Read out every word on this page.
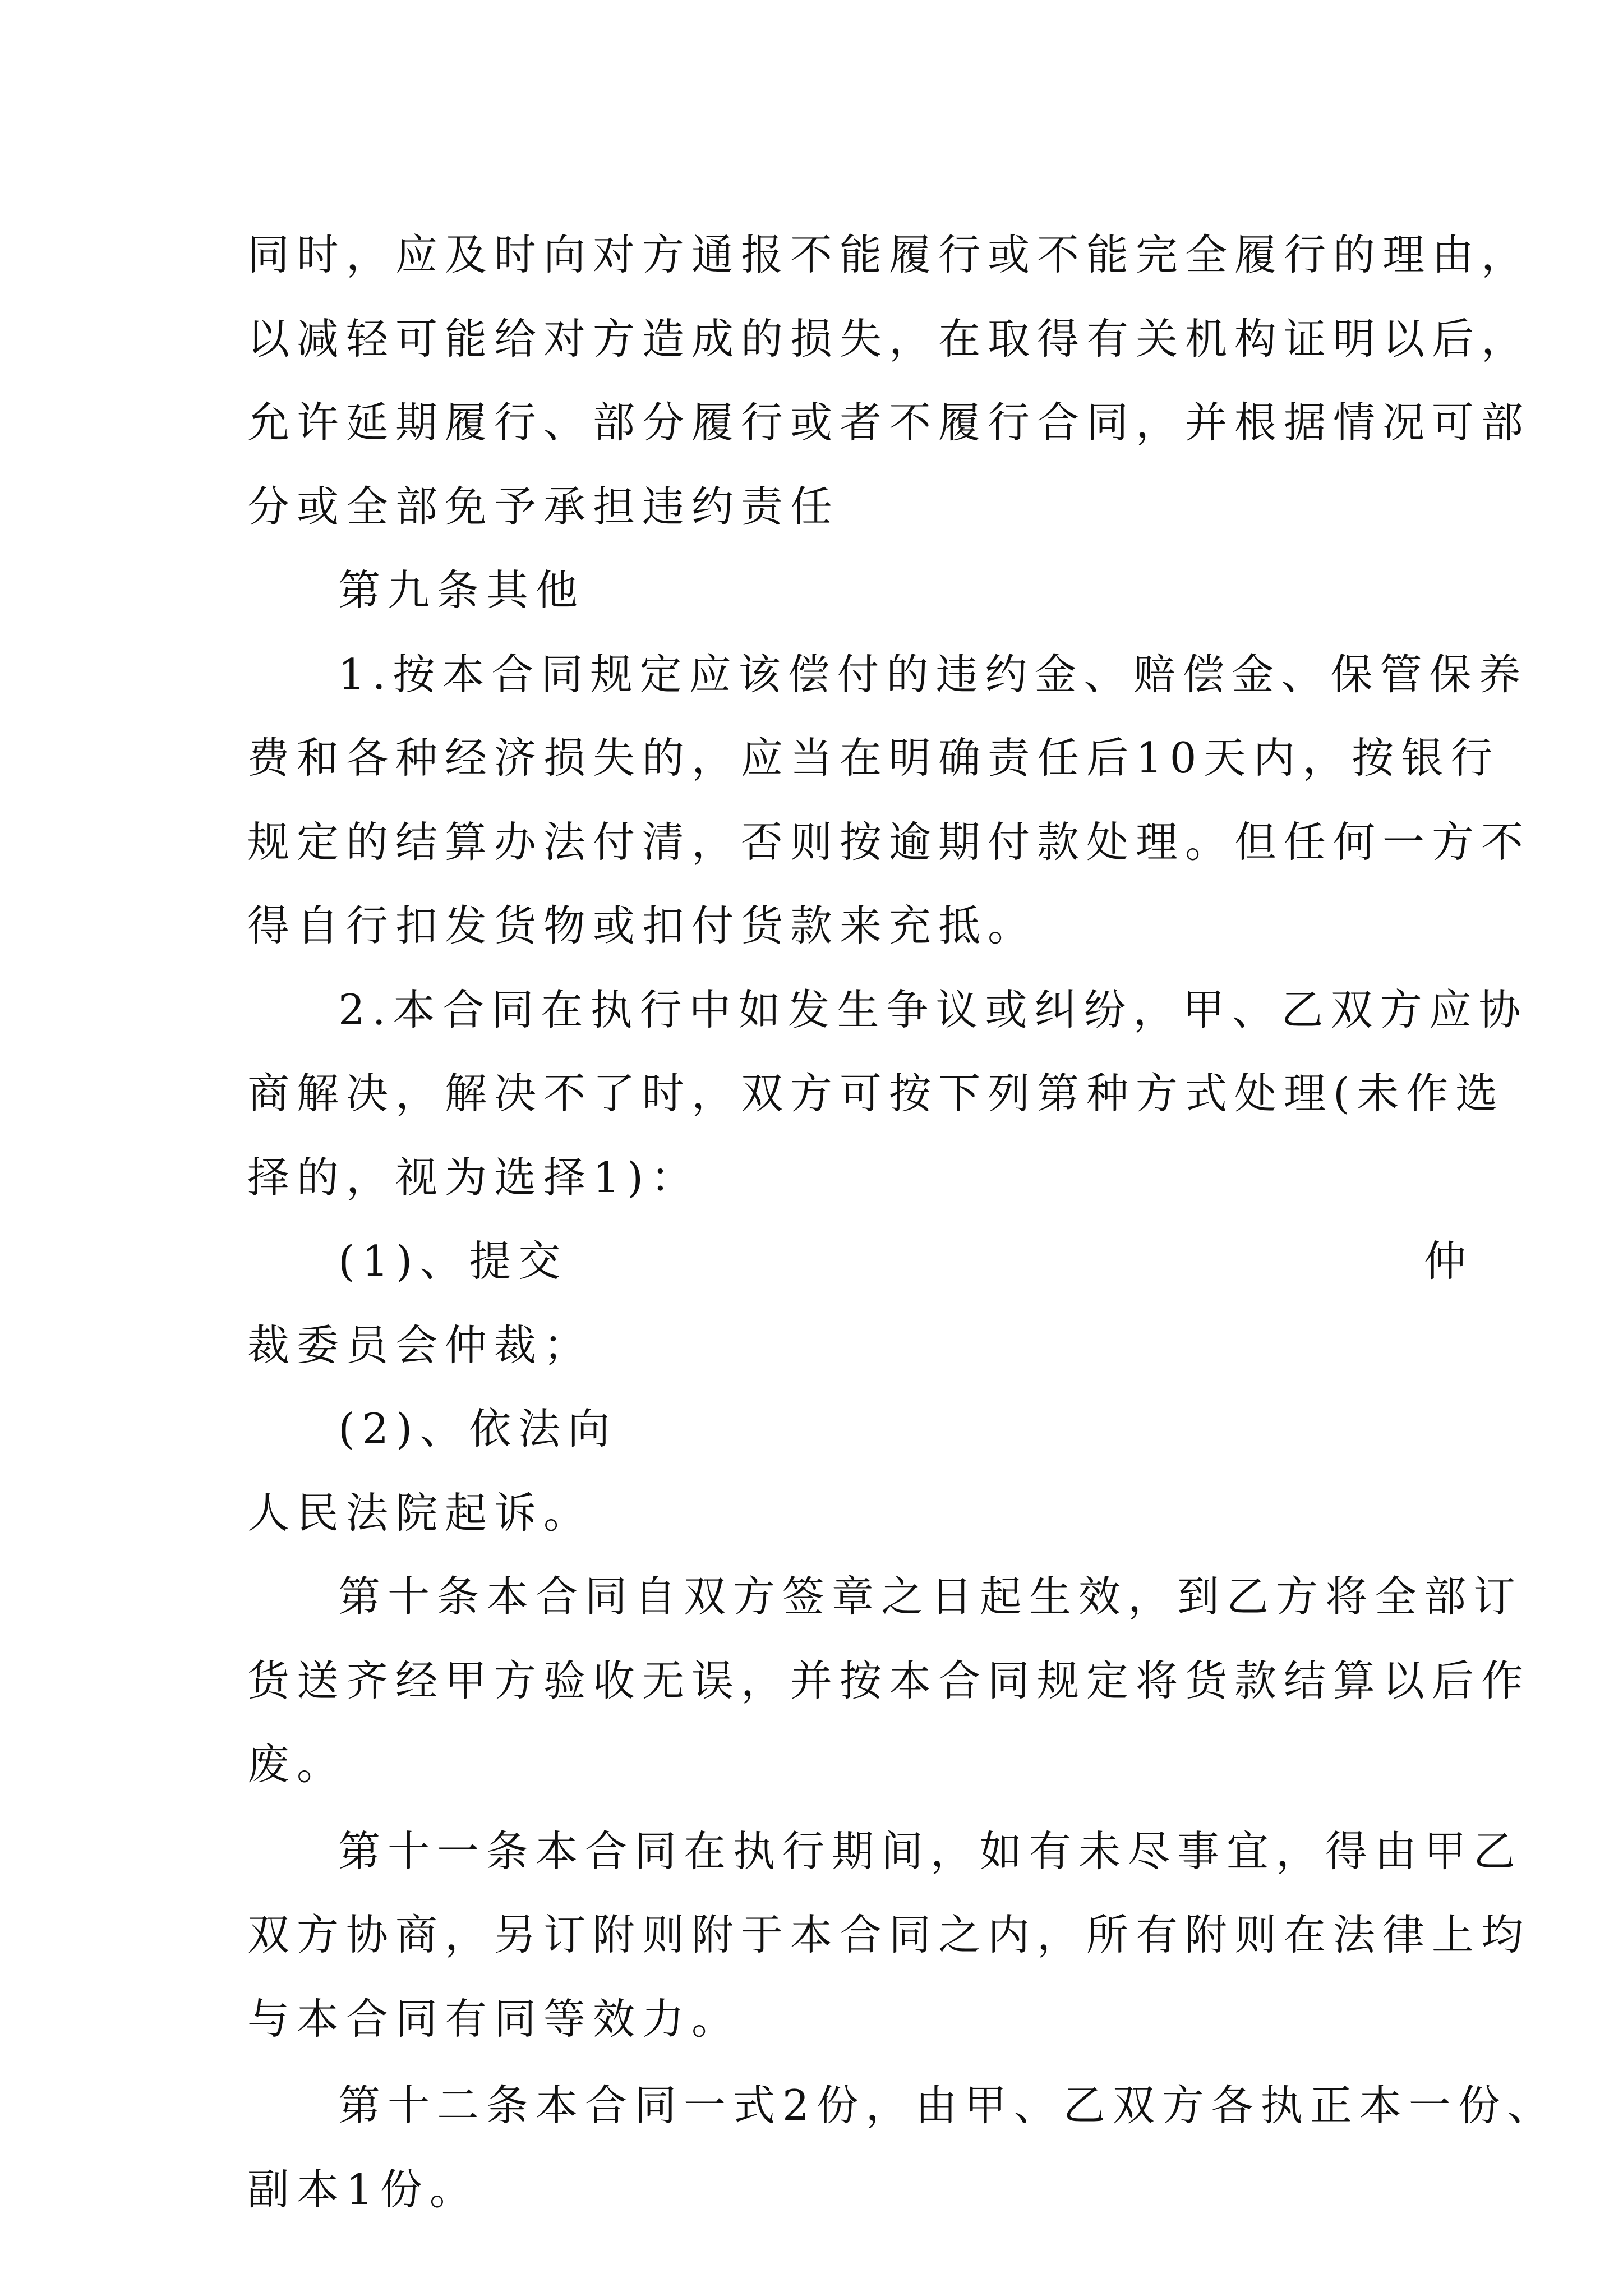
同时，应及时向对方通报不能履行或不能完全履行的理由，
以减轻可能给对方造成的损失，在取得有关机构证明以后，
允许延期履行、部分履行或者不履行合同，并根据情况可部
分或全部免予承担违约责任
第九条其他
1.按本合同规定应该偿付的违约金、赔偿金、保管保养
费和各种经济损失的，应当在明确责任后10天内，按银行
规定的结算办法付清，否则按逾期付款处理。但任何一方不
得自行扣发货物或扣付货款来充抵。
2.本合同在执行中如发生争议或纠纷，甲、乙双方应协
商解决，解决不了时，双方可按下列第种方式处理(未作选
择的，视为选择1)：
(1)、提交	仲
裁委员会仲裁；
(2)、依法向
人民法院起诉。
第十条本合同自双方签章之日起生效，到乙方将全部订
货送齐经甲方验收无误，并按本合同规定将货款结算以后作
废。
第十一条本合同在执行期间，如有未尽事宜，得由甲乙
双方协商，另订附则附于本合同之内，所有附则在法律上均
与本合同有同等效力。
第十二条本合同一式2份，由甲、乙双方各执正本一份、
副本1份。
